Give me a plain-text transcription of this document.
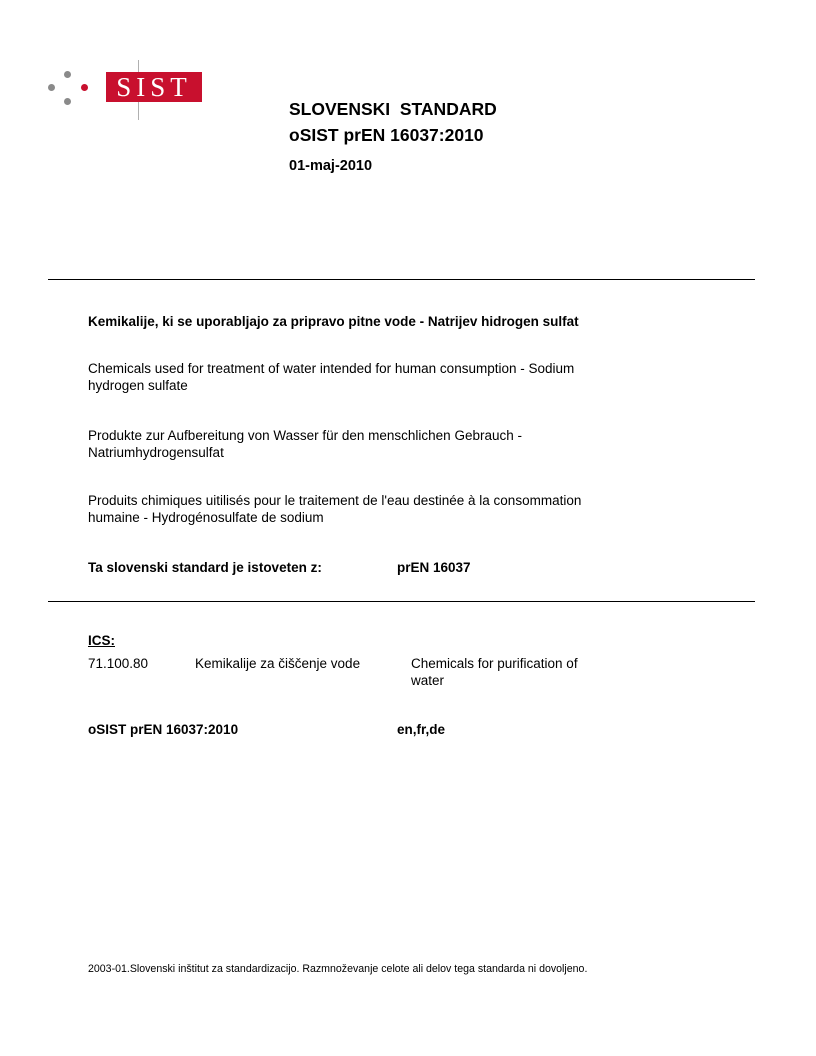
SIST
SLOVENSKI  STANDARD
oSIST prEN 16037:2010
01-maj-2010
Kemikalije, ki se uporabljajo za pripravo pitne vode - Natrijev hidrogen sulfat
Chemicals used for treatment of water intended for human consumption - Sodium
hydrogen sulfate
Produkte zur Aufbereitung von Wasser für den menschlichen Gebrauch -
Natriumhydrogensulfat
Produits chimiques uitilisés pour le traitement de l'eau destinée à la consommation
humaine - Hydrogénosulfate de sodium
Ta slovenski standard je istoveten z:	prEN 16037
ICS:
71.100.80	Kemikalije za čiščenje vode	Chemicals for purification of
water
oSIST prEN 16037:2010	en,fr,de
2003-01.Slovenski inštitut za standardizacijo. Razmnoževanje celote ali delov tega standarda ni dovoljeno.
